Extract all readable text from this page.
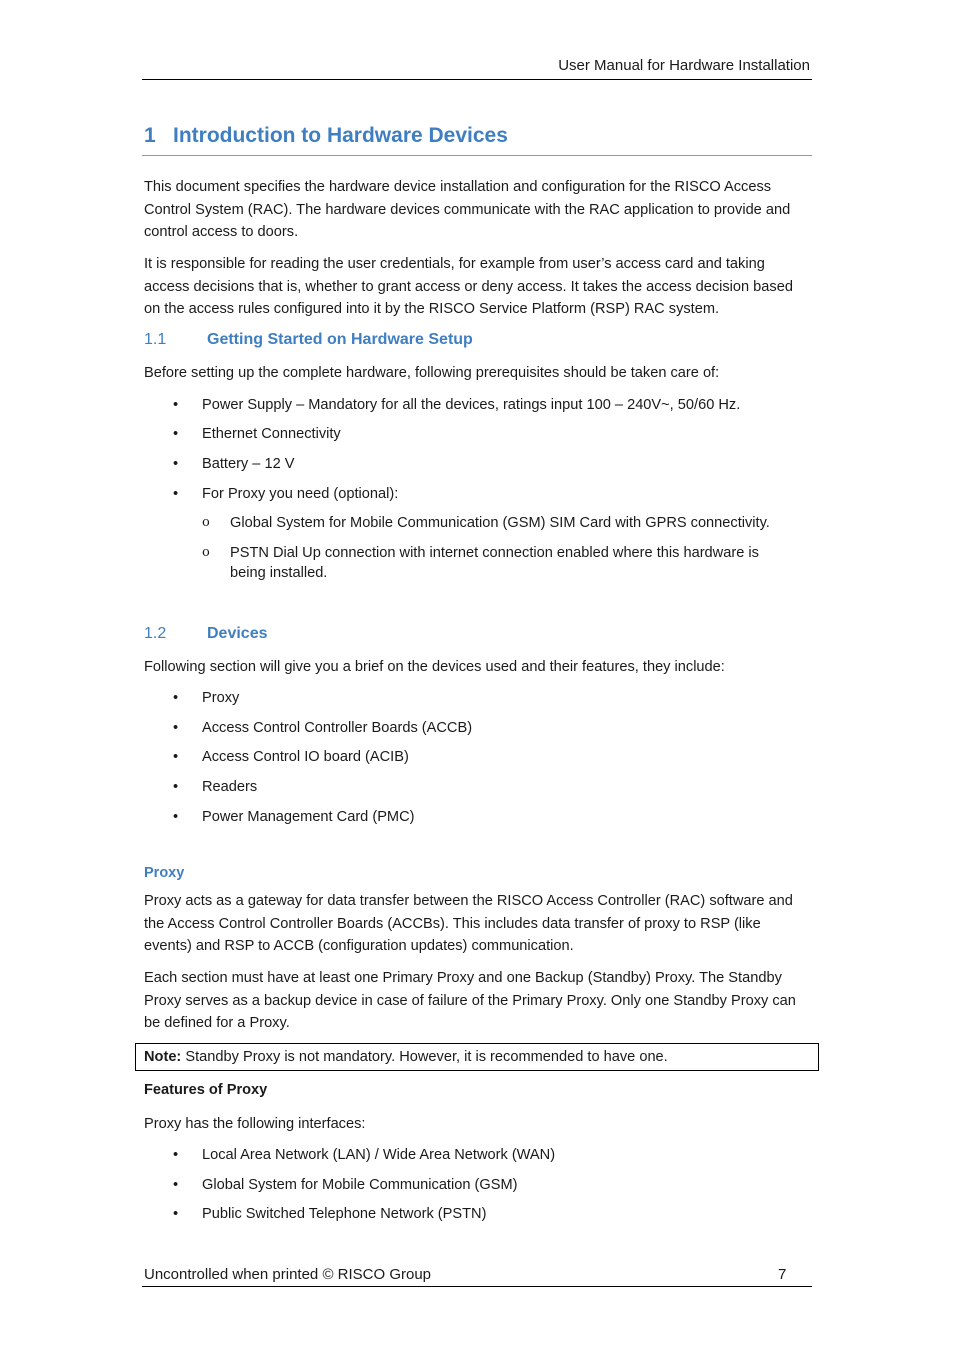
User Manual for Hardware Installation
1 Introduction to Hardware Devices
This document specifies the hardware device installation and configuration for the RISCO Access Control System (RAC). The hardware devices communicate with the RAC application to provide and control access to doors.
It is responsible for reading the user credentials, for example from user’s access card and taking access decisions that is, whether to grant access or deny access. It takes the access decision based on the access rules configured into it by the RISCO Service Platform (RSP) RAC system.
1.1	Getting Started on Hardware Setup
Before setting up the complete hardware, following prerequisites should be taken care of:
• Power Supply – Mandatory for all the devices, ratings input 100 – 240V~, 50/60 Hz.
• Ethernet Connectivity
• Battery – 12 V
• For Proxy you need (optional):
o Global System for Mobile Communication (GSM) SIM Card with GPRS connectivity.
o PSTN Dial Up connection with internet connection enabled where this hardware is being installed.
1.2	Devices
Following section will give you a brief on the devices used and their features, they include:
• Proxy
• Access Control Controller Boards (ACCB)
• Access Control IO board (ACIB)
• Readers
• Power Management Card (PMC)
Proxy
Proxy acts as a gateway for data transfer between the RISCO Access Controller (RAC) software and the Access Control Controller Boards (ACCBs). This includes data transfer of proxy to RSP (like events) and RSP to ACCB (configuration updates) communication.
Each section must have at least one Primary Proxy and one Backup (Standby) Proxy. The Standby Proxy serves as a backup device in case of failure of the Primary Proxy. Only one Standby Proxy can be defined for a Proxy.
Note: Standby Proxy is not mandatory. However, it is recommended to have one.
Features of Proxy
Proxy has the following interfaces:
• Local Area Network (LAN) / Wide Area Network (WAN)
• Global System for Mobile Communication (GSM)
• Public Switched Telephone Network (PSTN)
Uncontrolled when printed © RISCO Group	7
